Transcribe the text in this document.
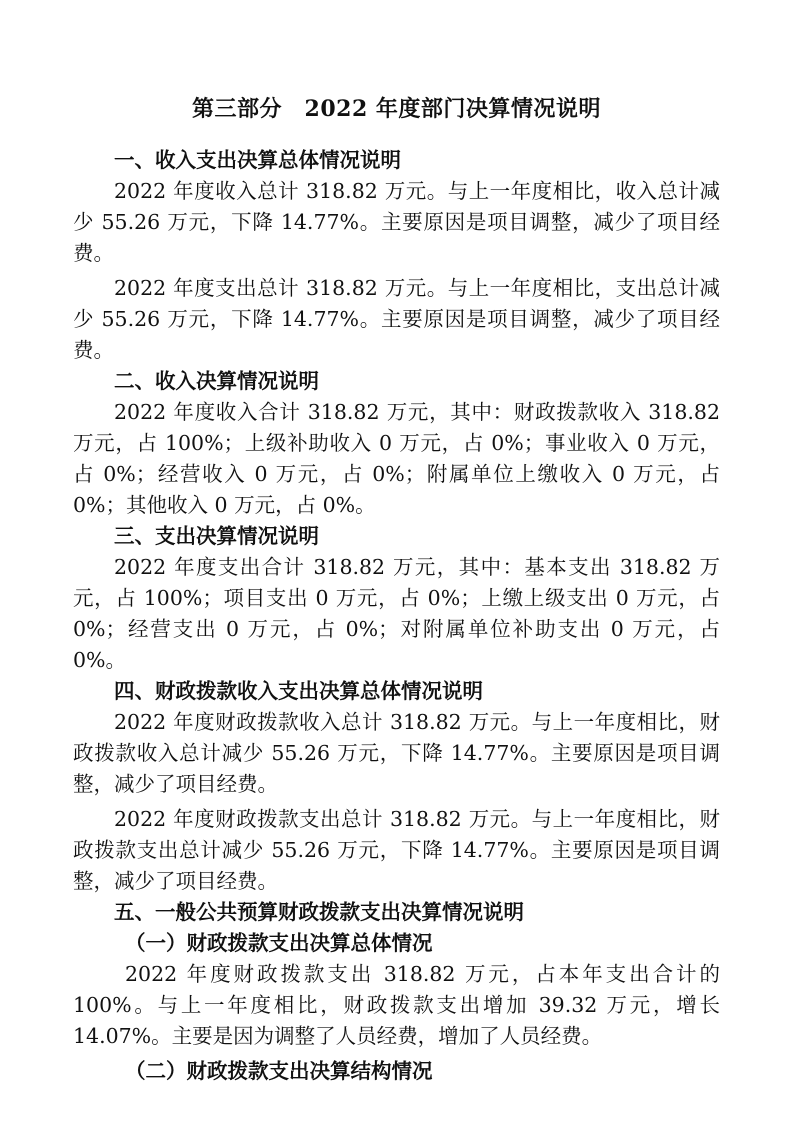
第三部分　2022 年度部门决算情况说明
一、收入支出决算总体情况说明
2022 年度收入总计 318.82 万元。与上一年度相比，收入总计减少 55.26 万元，下降 14.77%。主要原因是项目调整，减少了项目经费。
2022 年度支出总计 318.82 万元。与上一年度相比，支出总计减少 55.26 万元，下降 14.77%。主要原因是项目调整，减少了项目经费。
二、收入决算情况说明
2022 年度收入合计 318.82 万元，其中：财政拨款收入 318.82 万元，占 100%；上级补助收入 0 万元，占 0%；事业收入 0 万元，占 0%；经营收入 0 万元，占 0%；附属单位上缴收入 0 万元，占 0%；其他收入 0 万元，占 0%。
三、支出决算情况说明
2022 年度支出合计 318.82 万元，其中：基本支出 318.82 万元，占 100%；项目支出 0 万元，占 0%；上缴上级支出 0 万元，占 0%；经营支出 0 万元，占 0%；对附属单位补助支出 0 万元，占 0%。
四、财政拨款收入支出决算总体情况说明
2022 年度财政拨款收入总计 318.82 万元。与上一年度相比，财政拨款收入总计减少 55.26 万元，下降 14.77%。主要原因是项目调整，减少了项目经费。
2022 年度财政拨款支出总计 318.82 万元。与上一年度相比，财政拨款支出总计减少 55.26 万元，下降 14.77%。主要原因是项目调整，减少了项目经费。
五、一般公共预算财政拨款支出决算情况说明
（一）财政拨款支出决算总体情况
2022 年度财政拨款支出 318.82 万元，占本年支出合计的 100%。与上一年度相比，财政拨款支出增加 39.32 万元，增长 14.07%。主要是因为调整了人员经费，增加了人员经费。
（二）财政拨款支出决算结构情况
